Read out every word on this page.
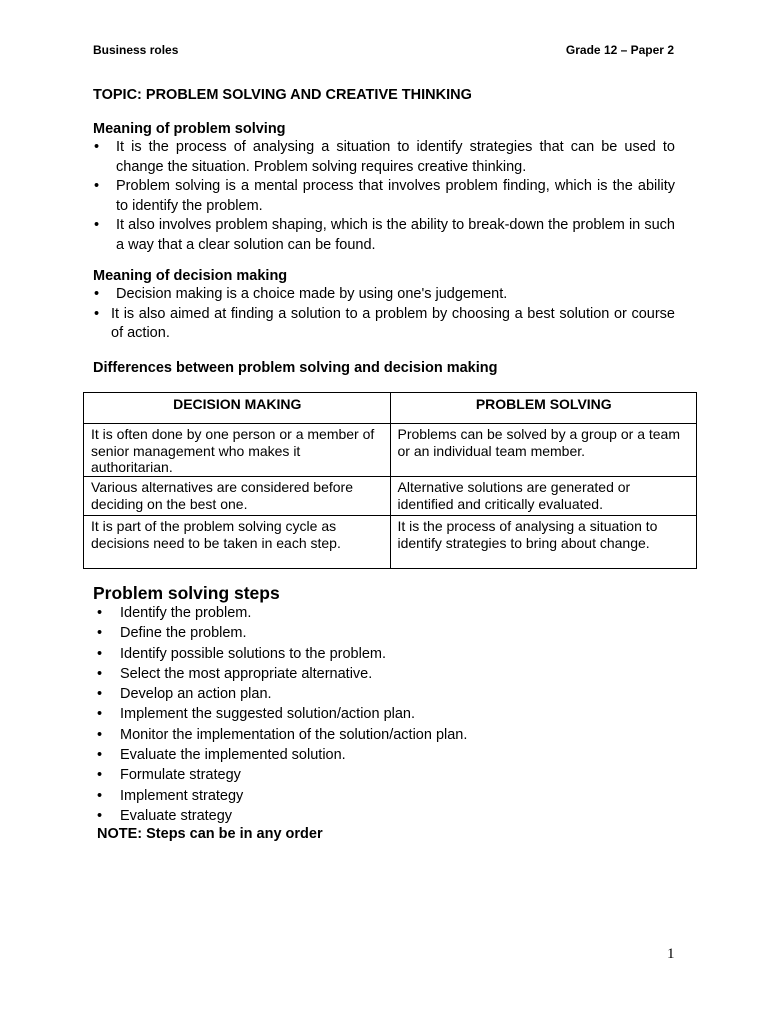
Business roles	Grade 12 – Paper 2
TOPIC: PROBLEM SOLVING AND CREATIVE THINKING
Meaning of problem solving
• It is the process of analysing a situation to identify strategies that can be used to change the situation. Problem solving requires creative thinking.
• Problem solving is a mental process that involves problem finding, which is the ability to identify the problem.
• It also involves problem shaping, which is the ability to break-down the problem in such a way that a clear solution can be found.
Meaning of decision making
• Decision making is a choice made by using one's judgement.
• It is also aimed at finding a solution to a problem by choosing a best solution or course of action.
Differences between problem solving and decision making
DECISION MAKING	PROBLEM SOLVING
It is often done by one person or a member of senior management who makes it authoritarian.	Problems can be solved by a group or a team or an individual team member.
Various alternatives are considered before deciding on the best one.	Alternative solutions are generated or identified and critically evaluated.
It is part of the problem solving cycle as decisions need to be taken in each step.	It is the process of analysing a situation to identify strategies to bring about change.
Problem solving steps
• Identify the problem.
• Define the problem.
• Identify possible solutions to the problem.
• Select the most appropriate alternative.
• Develop an action plan.
• Implement the suggested solution/action plan.
• Monitor the implementation of the solution/action plan.
• Evaluate the implemented solution.
• Formulate strategy
• Implement strategy
• Evaluate strategy
NOTE: Steps can be in any order
1
